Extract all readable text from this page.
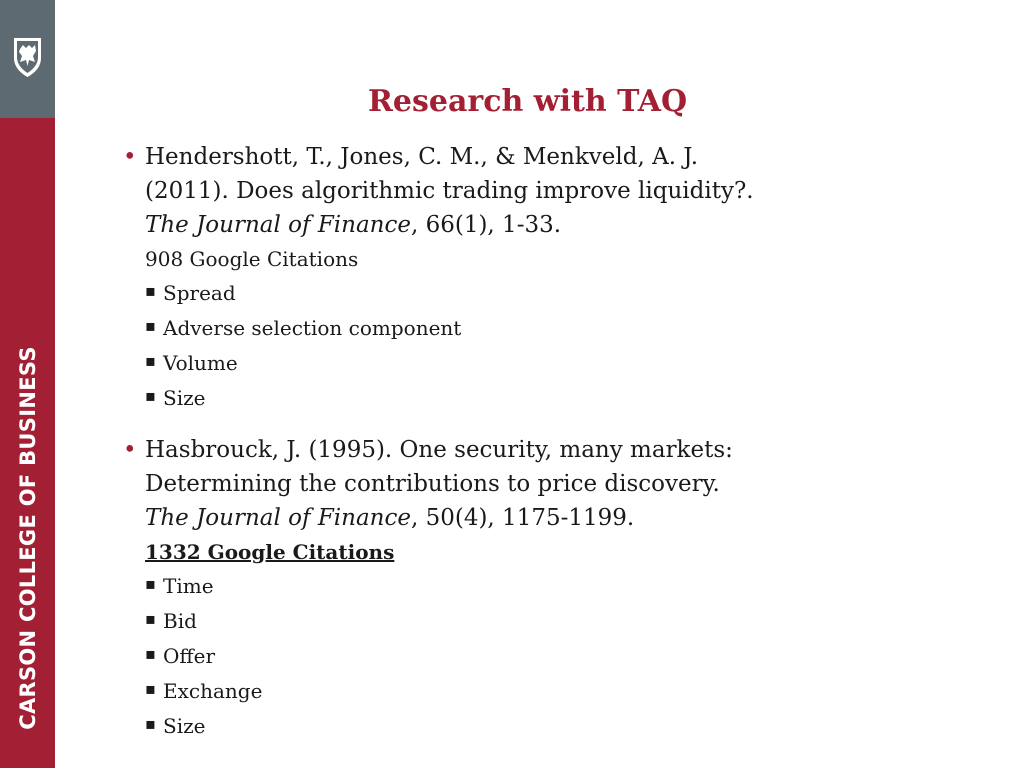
CARSON COLLEGE OF BUSINESS
Research with TAQ
• Hendershott, T., Jones, C. M., & Menkveld, A. J.
(2011). Does algorithmic trading improve liquidity?.
The Journal of Finance, 66(1), 1-33.
908 Google Citations
▪ Spread
▪ Adverse selection component
▪ Volume
▪ Size
• Hasbrouck, J. (1995). One security, many markets:
Determining the contributions to price discovery.
The Journal of Finance, 50(4), 1175-1199.
1332 Google Citations
▪ Time
▪ Bid
▪ Offer
▪ Exchange
▪ Size
